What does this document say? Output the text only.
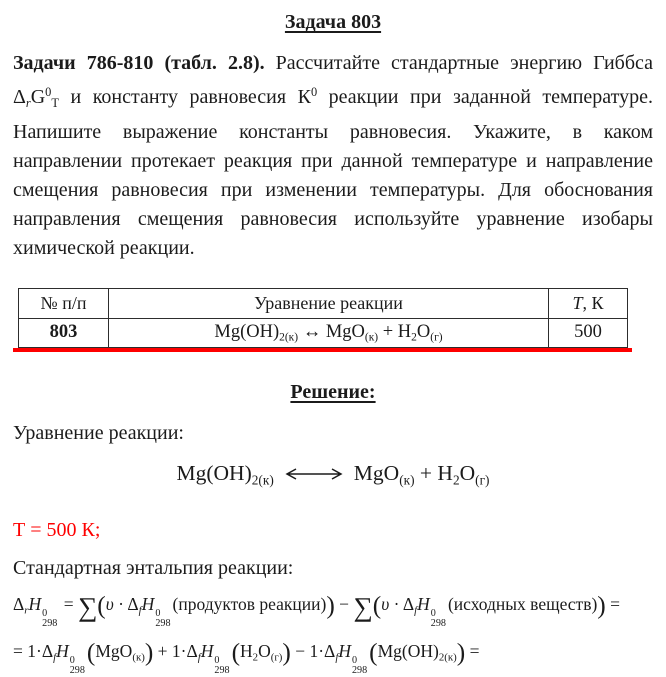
Задача 803

Задачи 786-810 (табл. 2.8). Рассчитайте стандартные энергию Гиббса ΔrG$^0$T и константу равновесия $К^0$ реакции при заданной температуре. Напишите выражение константы равновесия. Укажите, в каком направлении протекает реакция при данной температуре и направление смещения равновесия при изменении температуры. Для обоснования направления смещения равновесия используйте уравнение изобары химической реакции.

№ п/п	Уравнение реакции	T, К
803	Mg(OH)2(к) ↔ MgO(к) + H2O(г)	500
Решение:
Уравнение реакции:
Mg(OH)2(к)	MgO(к) + H2O(г)
Т = 500 К;
Стандартная энтальпия реакции:
ΔrH 0
298
= ∑(υ · ΔfH 0
298
(продуктов реакции)) − ∑(υ · ΔfH 0
298
(исходных веществ)) =
= 1·ΔfH 0
298
(MgO(к)) + 1·ΔfH 0
298
(H2O(г)) − 1·ΔfH 0
298
(Mg(OH)2(к)) =
